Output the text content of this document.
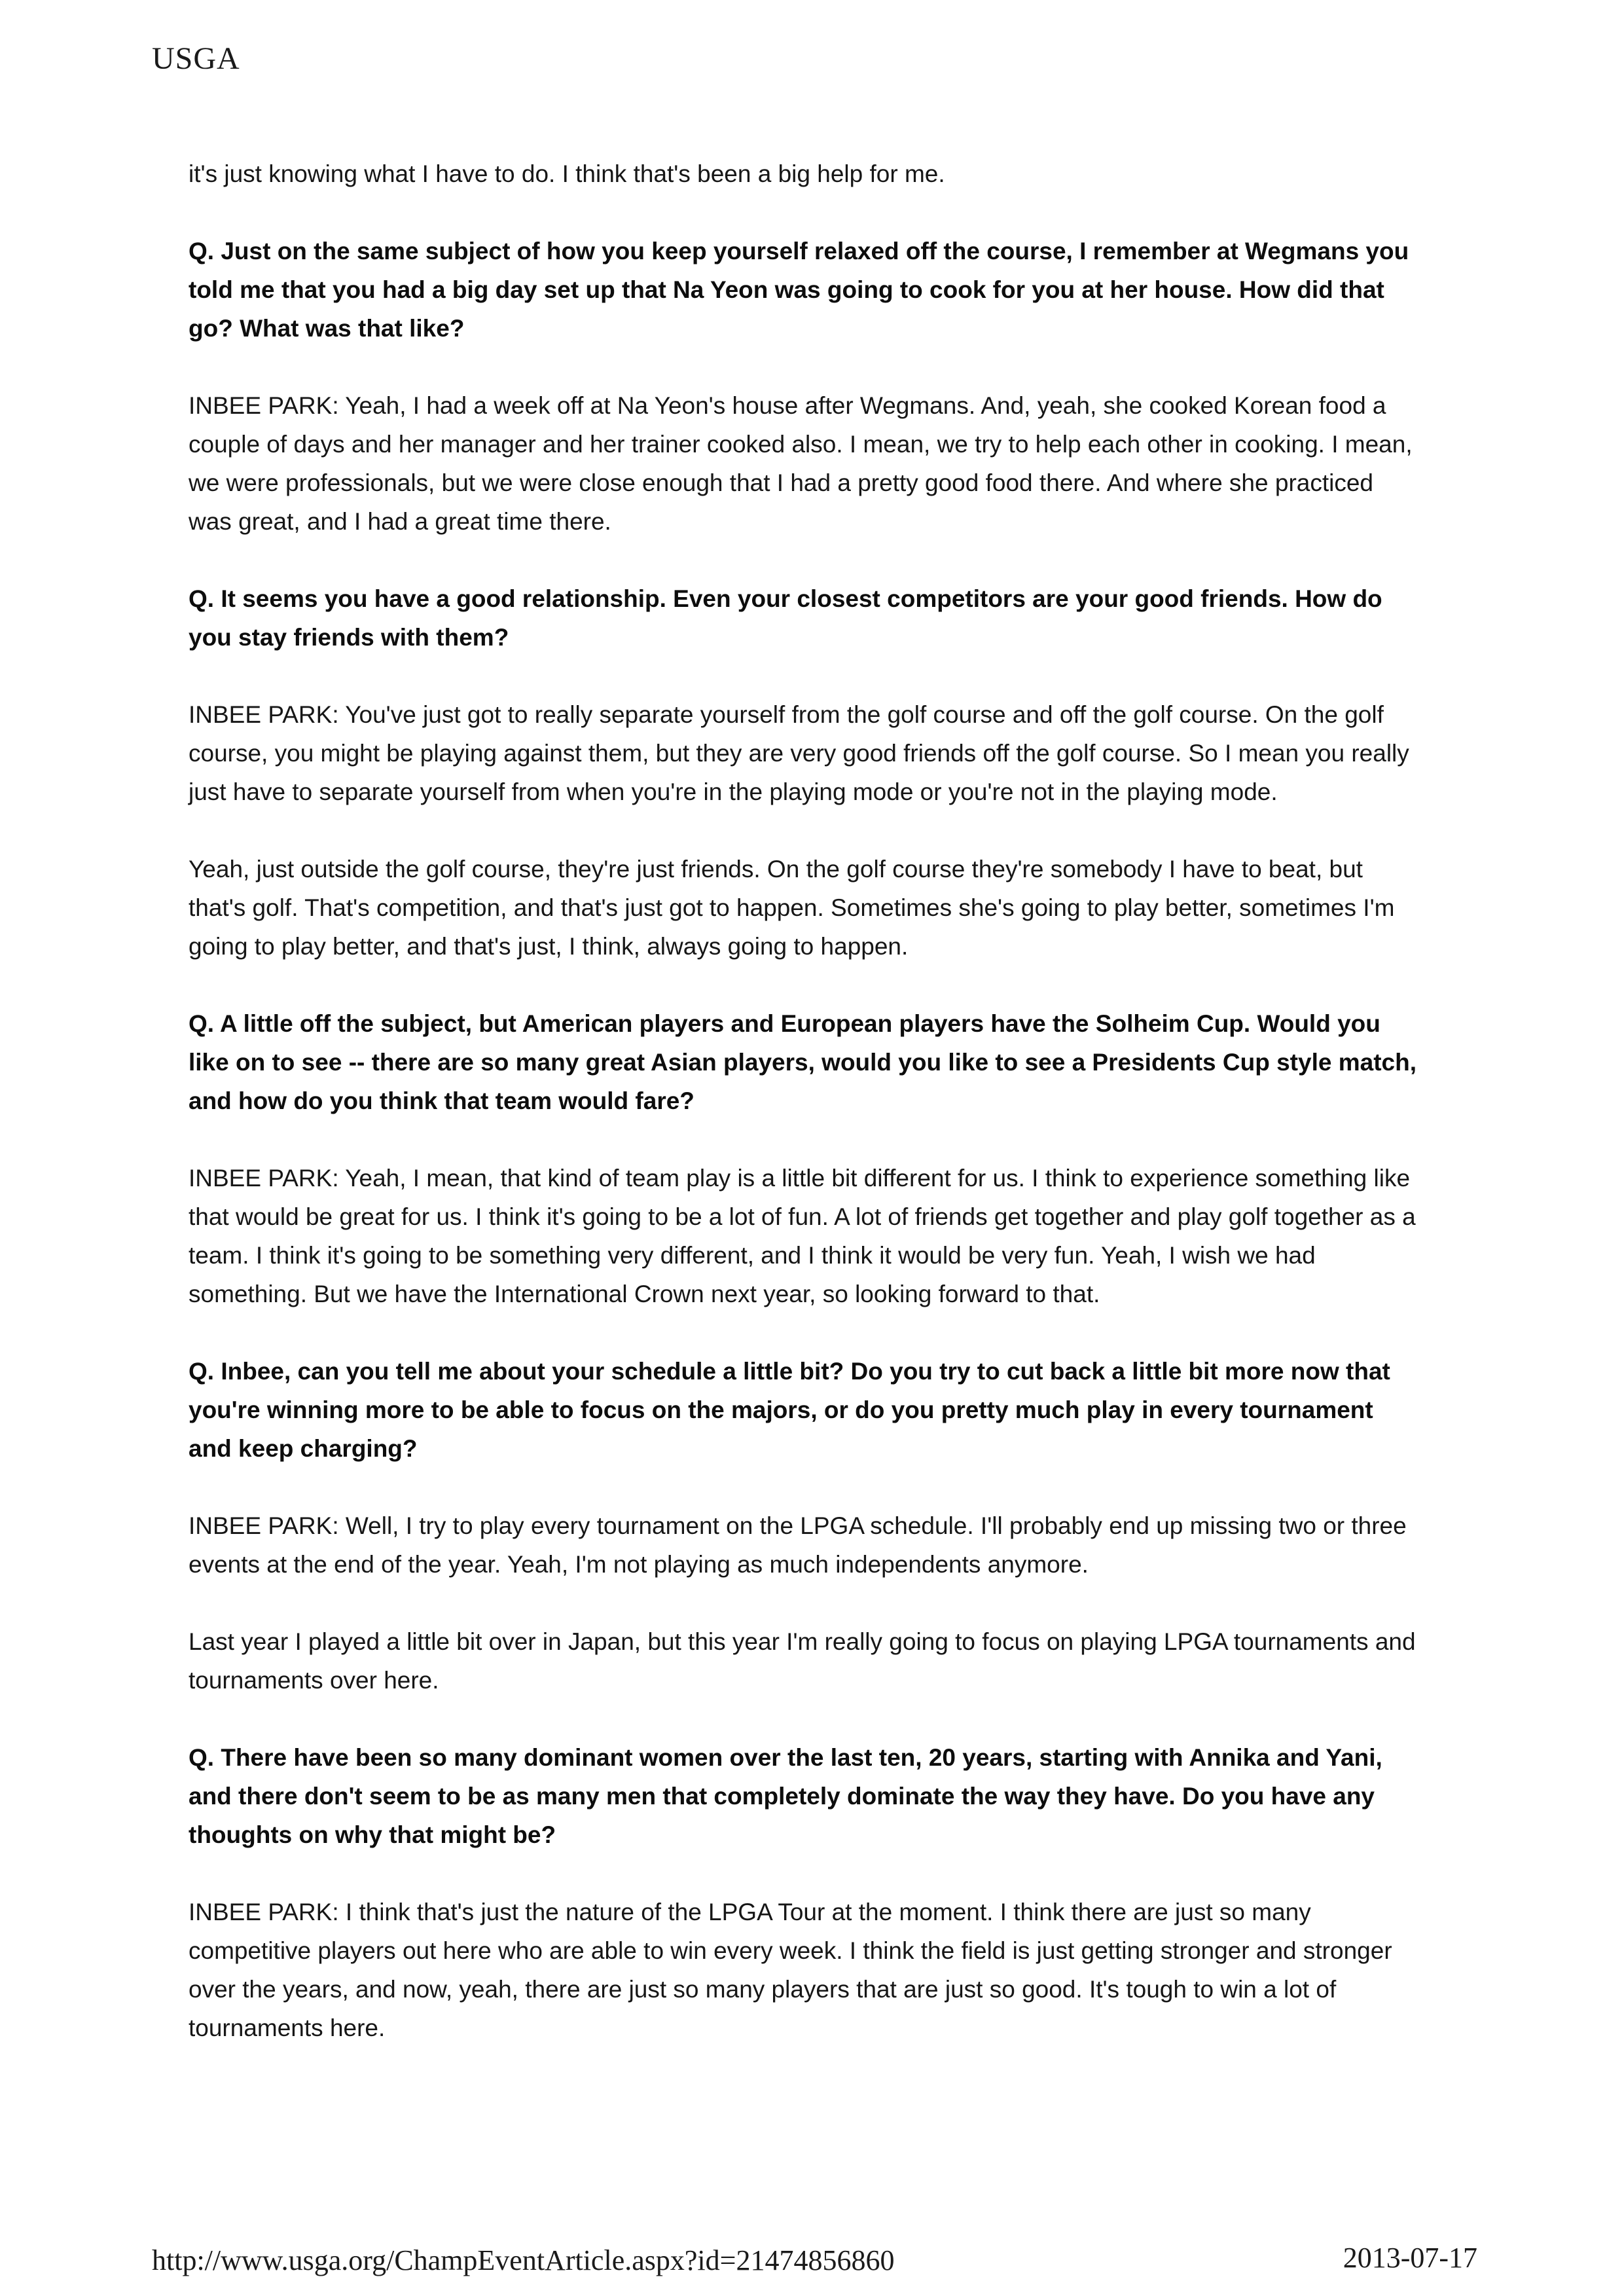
USGA

it's just knowing what I have to do. I think that's been a big help for me.

Q. Just on the same subject of how you keep yourself relaxed off the course, I remember at Wegmans you told me that you had a big day set up that Na Yeon was going to cook for you at her house. How did that go? What was that like?

INBEE PARK: Yeah, I had a week off at Na Yeon's house after Wegmans. And, yeah, she cooked Korean food a couple of days and her manager and her trainer cooked also. I mean, we try to help each other in cooking. I mean, we were professionals, but we were close enough that I had a pretty good food there. And where she practiced was great, and I had a great time there.

Q. It seems you have a good relationship. Even your closest competitors are your good friends. How do you stay friends with them?

INBEE PARK: You've just got to really separate yourself from the golf course and off the golf course. On the golf course, you might be playing against them, but they are very good friends off the golf course. So I mean you really just have to separate yourself from when you're in the playing mode or you're not in the playing mode.

Yeah, just outside the golf course, they're just friends. On the golf course they're somebody I have to beat, but that's golf. That's competition, and that's just got to happen. Sometimes she's going to play better, sometimes I'm going to play better, and that's just, I think, always going to happen.

Q. A little off the subject, but American players and European players have the Solheim Cup. Would you like on to see -- there are so many great Asian players, would you like to see a Presidents Cup style match, and how do you think that team would fare?

INBEE PARK: Yeah, I mean, that kind of team play is a little bit different for us. I think to experience something like that would be great for us. I think it's going to be a lot of fun. A lot of friends get together and play golf together as a team. I think it's going to be something very different, and I think it would be very fun. Yeah, I wish we had something. But we have the International Crown next year, so looking forward to that.

Q. Inbee, can you tell me about your schedule a little bit? Do you try to cut back a little bit more now that you're winning more to be able to focus on the majors, or do you pretty much play in every tournament and keep charging?

INBEE PARK: Well, I try to play every tournament on the LPGA schedule. I'll probably end up missing two or three events at the end of the year. Yeah, I'm not playing as much independents anymore.

Last year I played a little bit over in Japan, but this year I'm really going to focus on playing LPGA tournaments and tournaments over here.

Q. There have been so many dominant women over the last ten, 20 years, starting with Annika and Yani, and there don't seem to be as many men that completely dominate the way they have. Do you have any thoughts on why that might be?

INBEE PARK: I think that's just the nature of the LPGA Tour at the moment. I think there are just so many competitive players out here who are able to win every week. I think the field is just getting stronger and stronger over the years, and now, yeah, there are just so many players that are just so good. It's tough to win a lot of tournaments here.

http://www.usga.org/ChampEventArticle.aspx?id=21474856860	2013-07-17
